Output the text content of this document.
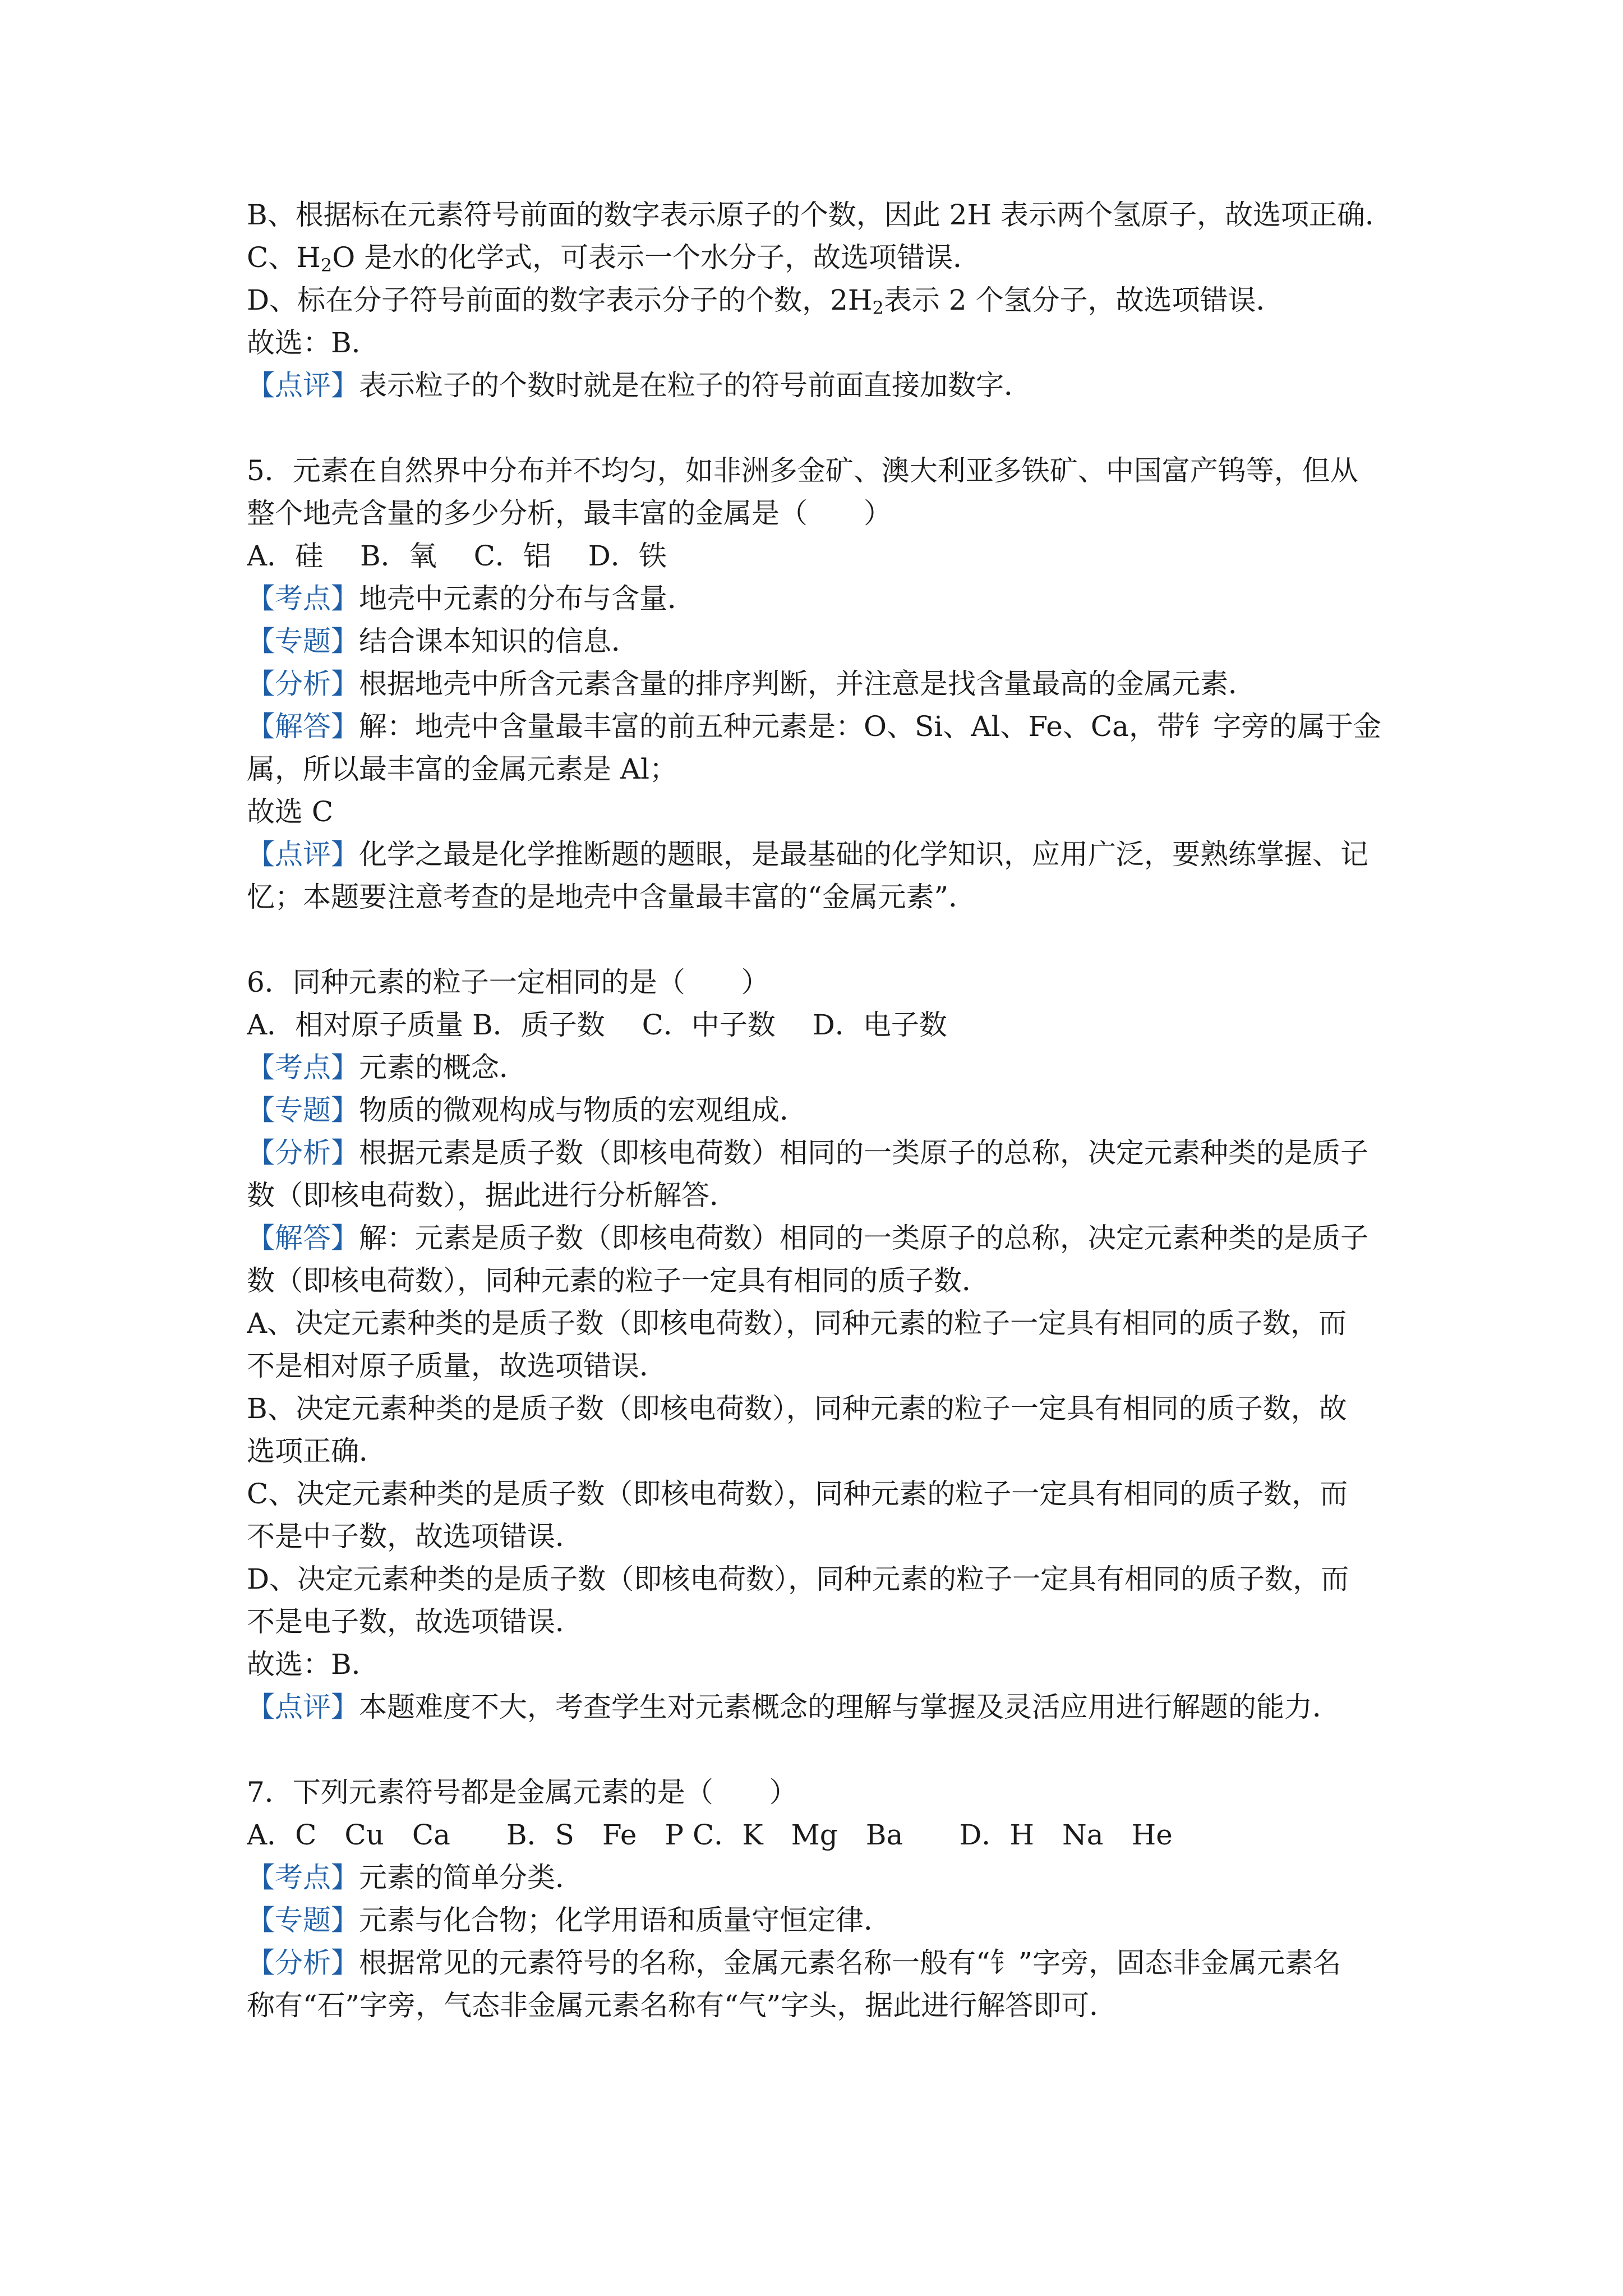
B、根据标在元素符号前面的数字表示原子的个数，因此 2H 表示两个氢原子，故选项正确．
C、$H_2O$ 是水的化学式，可表示一个水分子，故选项错误．
D、标在分子符号前面的数字表示分子的个数，$2H_2$表示 2 个氢分子，故选项错误．
故选：B．
【点评】表示粒子的个数时就是在粒子的符号前面直接加数字．
5．元素在自然界中分布并不均匀，如非洲多金矿、澳大利亚多铁矿、中国富产钨等，但从
整个地壳含量的多少分析，最丰富的金属是（　　）
A．硅　 B．氧　 C．铝　 D．铁
【考点】地壳中元素的分布与含量．
【专题】结合课本知识的信息．
【分析】根据地壳中所含元素含量的排序判断，并注意是找含量最高的金属元素．
【解答】解：地壳中含量最丰富的前五种元素是：O、Si、Al、Fe、Ca，带钅字旁的属于金
属，所以最丰富的金属元素是 Al；
故选 C
【点评】化学之最是化学推断题的题眼，是最基础的化学知识，应用广泛，要熟练掌握、记
忆；本题要注意考查的是地壳中含量最丰富的“金属元素”．
6．同种元素的粒子一定相同的是（　　）
A．相对原子质量 B．质子数　 C．中子数　 D．电子数
【考点】元素的概念．
【专题】物质的微观构成与物质的宏观组成．
【分析】根据元素是质子数（即核电荷数）相同的一类原子的总称，决定元素种类的是质子
数（即核电荷数），据此进行分析解答．
【解答】解：元素是质子数（即核电荷数）相同的一类原子的总称，决定元素种类的是质子
数（即核电荷数），同种元素的粒子一定具有相同的质子数．
A、决定元素种类的是质子数（即核电荷数），同种元素的粒子一定具有相同的质子数，而
不是相对原子质量，故选项错误．
B、决定元素种类的是质子数（即核电荷数），同种元素的粒子一定具有相同的质子数，故
选项正确．
C、决定元素种类的是质子数（即核电荷数），同种元素的粒子一定具有相同的质子数，而
不是中子数，故选项错误．
D、决定元素种类的是质子数（即核电荷数），同种元素的粒子一定具有相同的质子数，而
不是电子数，故选项错误．
故选：B．
【点评】本题难度不大，考查学生对元素概念的理解与掌握及灵活应用进行解题的能力．
7．下列元素符号都是金属元素的是（　　）
A．C　Cu　Ca　　B．S　Fe　P C．K　Mg　Ba　　D．H　Na　He
【考点】元素的简单分类．
【专题】元素与化合物；化学用语和质量守恒定律．
【分析】根据常见的元素符号的名称，金属元素名称一般有“钅”字旁，固态非金属元素名
称有“石”字旁，气态非金属元素名称有“气”字头，据此进行解答即可．
